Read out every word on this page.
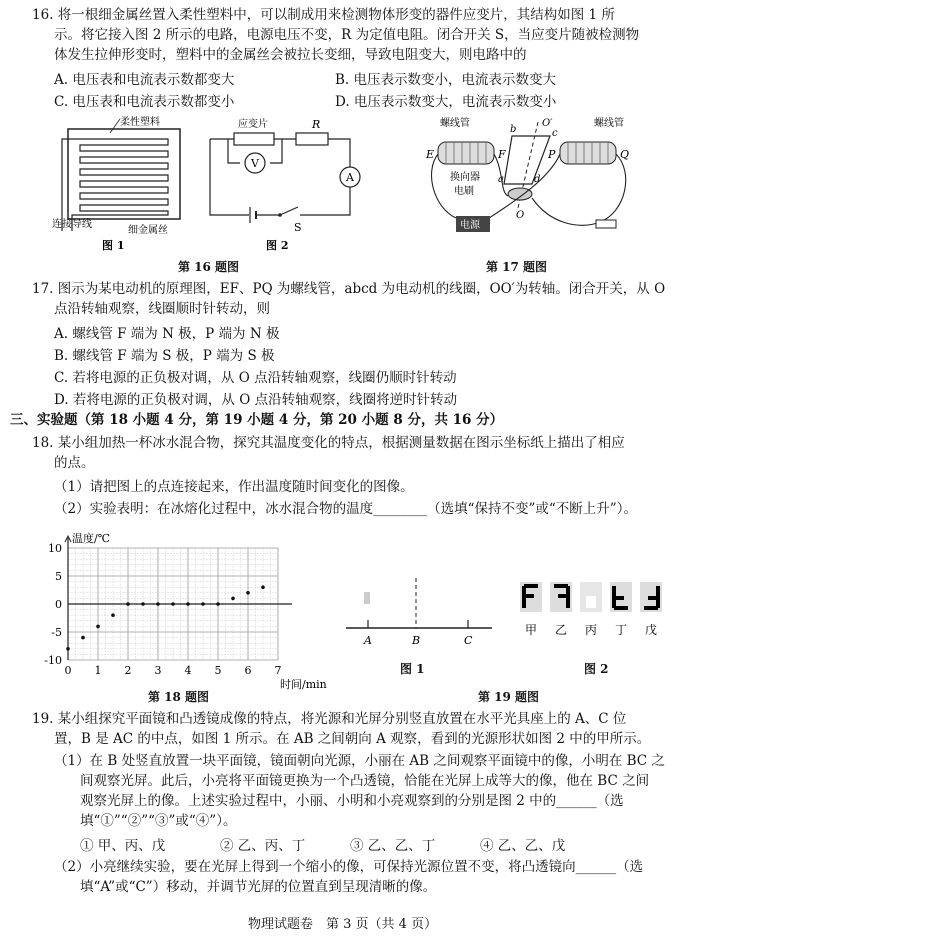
16. 将一根细金属丝置入柔性塑料中，可以制成用来检测物体形变的器件应变片，其结构如图 1 所
示。将它接入图 2 所示的电路，电源电压不变，R 为定值电阻。闭合开关 S，当应变片随被检测物
体发生拉伸形变时，塑料中的金属丝会被拉长变细，导致电阻变大，则电路中的
A. 电压表和电流表示数都变大	B. 电压表示数变小，电流表示数变大
C. 电压表和电流表示数都变小	D. 电压表示数变大，电流表示数变小
柔性塑料
连接导线
细金属丝
图 1
应变片	R
V
A
S
图 2
第 16 题图
螺线管	螺线管
E	F	P	Q
b
O′
c
a	d
O
换向器
电刷
电源
第 17 题图
17. 图示为某电动机的原理图，EF、PQ 为螺线管，abcd 为电动机的线圈，OO′为转轴。闭合开关，从 O
点沿转轴观察，线圈顺时针转动，则
A. 螺线管 F 端为 N 极，P 端为 N 极
B. 螺线管 F 端为 S 极，P 端为 S 极
C. 若将电源的正负极对调，从 O 点沿转轴观察，线圈仍顺时针转动
D. 若将电源的正负极对调，从 O 点沿转轴观察，线圈将逆时针转动
三、实验题（第 18 小题 4 分，第 19 小题 4 分，第 20 小题 8 分，共 16 分）
18. 某小组加热一杯冰水混合物，探究其温度变化的特点，根据测量数据在图示坐标纸上描出了相应
的点。
（1）请把图上的点连接起来，作出温度随时间变化的图像。
（2）实验表明：在冰熔化过程中，冰水混合物的温度________（选填“保持不变”或“不断上升”）。
10
5
0
-5
-10
0 1 2 3 4 5 6 7
温度/℃
时间/min
第 18 题图
A	B	C
图 1
甲 乙 丙 丁 戊
图 2
第 19 题图
19. 某小组探究平面镜和凸透镜成像的特点，将光源和光屏分别竖直放置在水平光具座上的 A、C 位
置，B 是 AC 的中点，如图 1 所示。在 AB 之间朝向 A 观察，看到的光源形状如图 2 中的甲所示。
（1）在 B 处竖直放置一块平面镜，镜面朝向光源，小丽在 AB 之间观察平面镜中的像，小明在 BC 之
间观察光屏。此后，小亮将平面镜更换为一个凸透镜，恰能在光屏上成等大的像，他在 BC 之间
观察光屏上的像。上述实验过程中，小丽、小明和小亮观察到的分别是图 2 中的______（选
填“①”“②”“③”或“④”）。
① 甲、丙、戊	② 乙、丙、丁	③ 乙、乙、丁	④ 乙、乙、戊
（2）小亮继续实验，要在光屏上得到一个缩小的像，可保持光源位置不变，将凸透镜向______（选
填“A”或“C”）移动，并调节光屏的位置直到呈现清晰的像。
物理试题卷　第 3 页（共 4 页）
